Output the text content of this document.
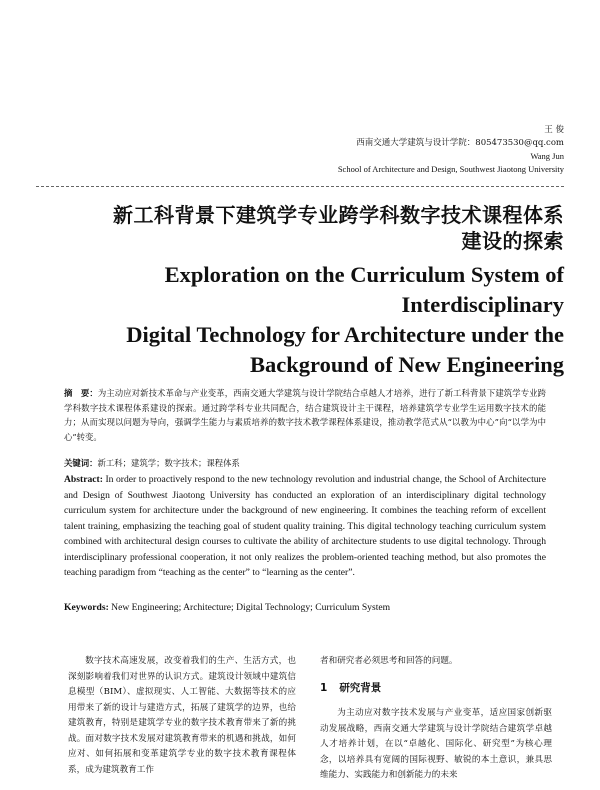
王 俊
西南交通大学建筑与设计学院：805473530@qq.com
Wang Jun
School of Architecture and Design, Southwest Jiaotong University
新工科背景下建筑学专业跨学科数字技术课程体系
建设的探索
Exploration on the Curriculum System of Interdisciplinary
Digital Technology for Architecture under the
Background of New Engineering
摘　要：为主动应对新技术革命与产业变革，西南交通大学建筑与设计学院结合卓越人才培养，进行了新工科背景下建筑学专业跨学科数字技术课程体系建设的探索。通过跨学科专业共同配合，结合建筑设计主干课程，培养建筑学专业学生运用数字技术的能力；从而实现以问题为导向，强调学生能力与素质培养的数字技术教学课程体系建设，推动教学范式从“以教为中心”向“以学为中心”转变。
关键词：新工科；建筑学；数字技术；课程体系
Abstract: In order to proactively respond to the new technology revolution and industrial change, the School of Architecture and Design of Southwest Jiaotong University has conducted an exploration of an interdisciplinary digital technology curriculum system for architecture under the background of new engineering. It combines the teaching reform of excellent talent training, emphasizing the teaching goal of student quality training. This digital technology teaching curriculum system combined with architectural design courses to cultivate the ability of architecture students to use digital technology. Through interdisciplinary professional cooperation, it not only realizes the problem-oriented teaching method, but also promotes the teaching paradigm from “teaching as the center” to “learning as the center”.
Keywords: New Engineering; Architecture; Digital Technology; Curriculum System

数字技术高速发展，改变着我们的生产、生活方式，也深刻影响着我们对世界的认识方式。建筑设计领域中建筑信息模型（BIM）、虚拟现实、人工智能、大数据等技术的应用带来了新的设计与建造方式，拓展了建筑学的边界，也给建筑教育，特别是建筑学专业的数字技术教育带来了新的挑战。面对数字技术发展对建筑教育带来的机遇和挑战，如何应对、如何拓展和变革建筑学专业的数字技术教育课程体系，成为建筑教育工作

者和研究者必须思考和回答的问题。

1 研究背景

为主动应对数字技术发展与产业变革，适应国家创新驱动发展战略，西南交通大学建筑与设计学院结合建筑学卓越人才培养计划，在以“卓越化、国际化、研究型”为核心理念，以培养具有宽阔的国际视野、敏锐的本土意识，兼具思维能力、实践能力和创新能力的未来
